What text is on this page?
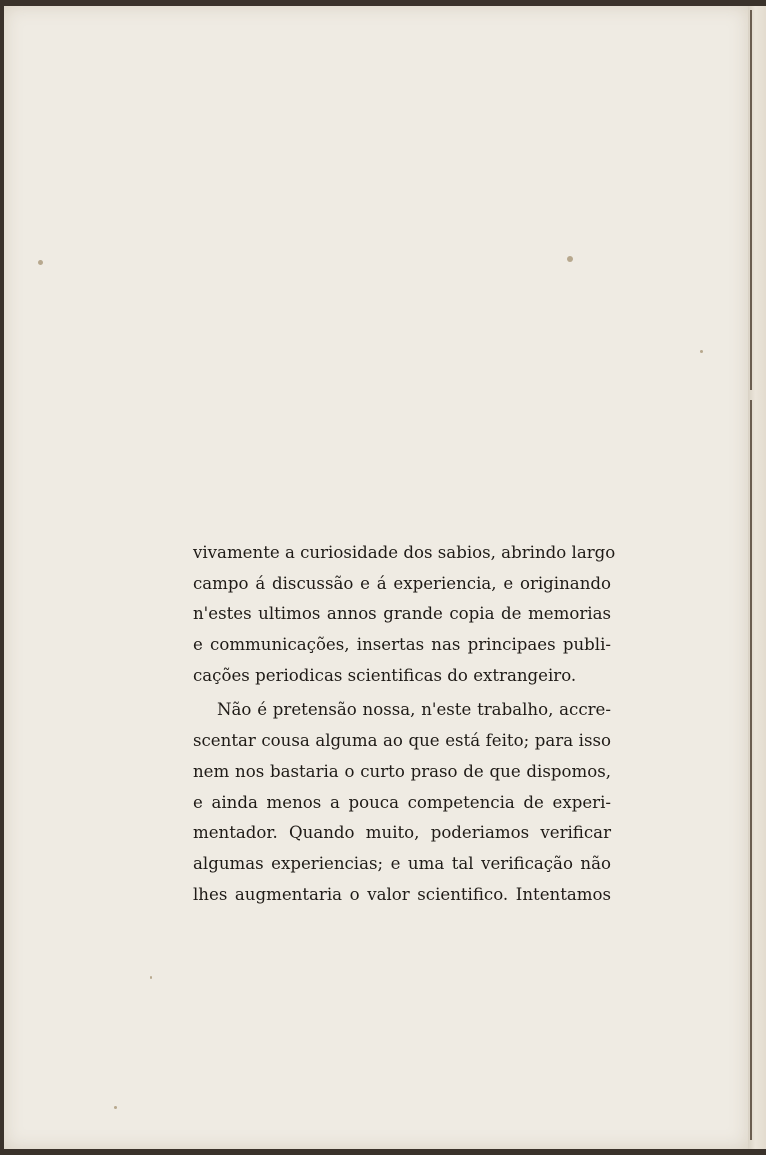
vivamente a curiosidade dos sabios, abrindo largo
campo á discussão e á experiencia, e originando
n'estes ultimos annos grande copia de memorias
e communicações, insertas nas principaes publi-
cações periodicas scientificas do extrangeiro.
Não é pretensão nossa, n'este trabalho, accre-
scentar cousa alguma ao que está feito; para isso
nem nos bastaria o curto praso de que dispomos,
e ainda menos a pouca competencia de experi-
mentador. Quando muito, poderiamos verificar
algumas experiencias; e uma tal verificação não
lhes augmentaria o valor scientifico. Intentamos
